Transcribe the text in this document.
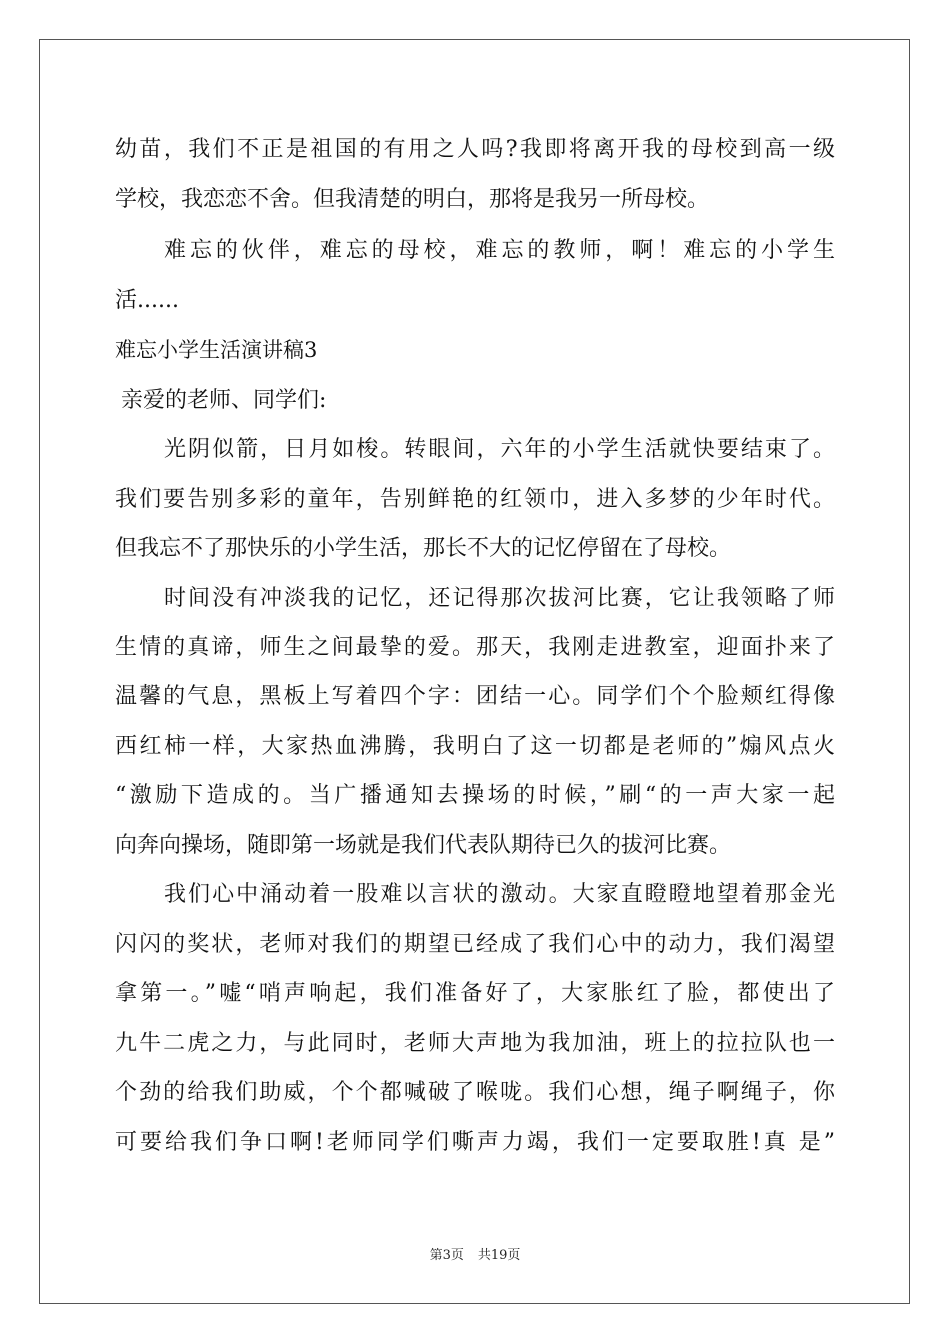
幼苗，我们不正是祖国的有用之人吗?我即将离开我的母校到高一级
学校，我恋恋不舍。但我清楚的明白，那将是我另一所母校。
难忘的伙伴，难忘的母校，难忘的教师，啊！难忘的小学生
活......
难忘小学生活演讲稿3
亲爱的老师、同学们:
光阴似箭，日月如梭。转眼间，六年的小学生活就快要结束了。
我们要告别多彩的童年，告别鲜艳的红领巾，进入多梦的少年时代。
但我忘不了那快乐的小学生活，那长不大的记忆停留在了母校。
时间没有冲淡我的记忆，还记得那次拔河比赛，它让我领略了师
生情的真谛，师生之间最挚的爱。那天，我刚走进教室，迎面扑来了
温馨的气息，黑板上写着四个字：团结一心。同学们个个脸颊红得像
西红柿一样，大家热血沸腾，我明白了这一切都是老师的”煽风点火
“激励下造成的。当广播通知去操场的时候，”刷“的一声大家一起
向奔向操场，随即第一场就是我们代表队期待已久的拔河比赛。
我们心中涌动着一股难以言状的激动。大家直瞪瞪地望着那金光
闪闪的奖状，老师对我们的期望已经成了我们心中的动力，我们渴望
拿第一。”嘘“哨声响起，我们准备好了，大家胀红了脸，都使出了
九牛二虎之力，与此同时，老师大声地为我加油，班上的拉拉队也一
个劲的给我们助威，个个都喊破了喉咙。我们心想，绳子啊绳子，你
可要给我们争口啊!老师同学们嘶声力竭，我们一定要取胜!真 是”
第3页 共19页
